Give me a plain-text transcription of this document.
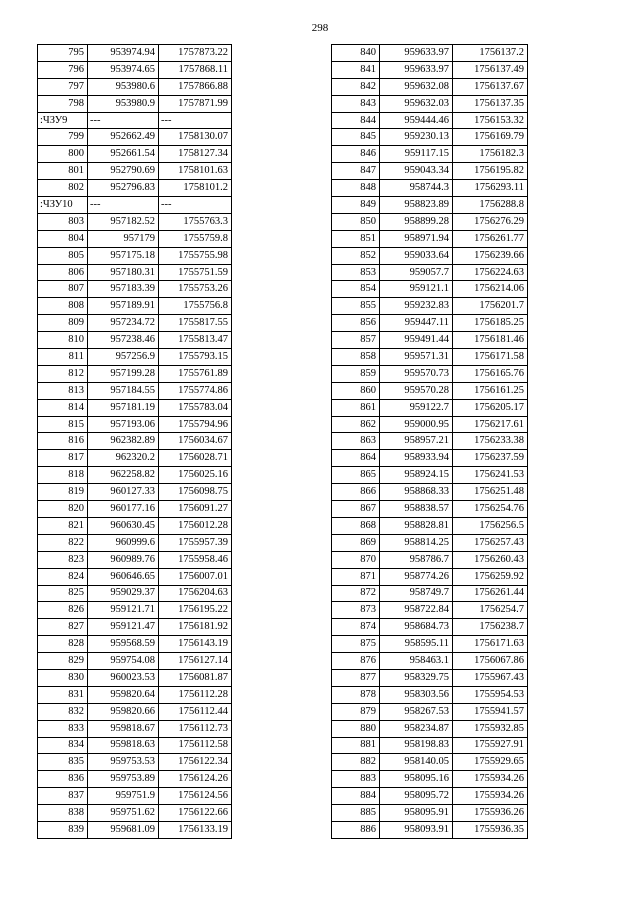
298
795	953974.94	1757873.22
796	953974.65	1757868.11
797	953980.6	1757866.88
798	953980.9	1757871.99
:ЧЗУ9	---	---
799	952662.49	1758130.07
800	952661.54	1758127.34
801	952790.69	1758101.63
802	952796.83	1758101.2
:ЧЗУ10	---	---
803	957182.52	1755763.3
804	957179	1755759.8
805	957175.18	1755755.98
806	957180.31	1755751.59
807	957183.39	1755753.26
808	957189.91	1755756.8
809	957234.72	1755817.55
810	957238.46	1755813.47
811	957256.9	1755793.15
812	957199.28	1755761.89
813	957184.55	1755774.86
814	957181.19	1755783.04
815	957193.06	1755794.96
816	962382.89	1756034.67
817	962320.2	1756028.71
818	962258.82	1756025.16
819	960127.33	1756098.75
820	960177.16	1756091.27
821	960630.45	1756012.28
822	960999.6	1755957.39
823	960989.76	1755958.46
824	960646.65	1756007.01
825	959029.37	1756204.63
826	959121.71	1756195.22
827	959121.47	1756181.92
828	959568.59	1756143.19
829	959754.08	1756127.14
830	960023.53	1756081.87
831	959820.64	1756112.28
832	959820.66	1756112.44
833	959818.67	1756112.73
834	959818.63	1756112.58
835	959753.53	1756122.34
836	959753.89	1756124.26
837	959751.9	1756124.56
838	959751.62	1756122.66
839	959681.09	1756133.19
840	959633.97	1756137.2
841	959633.97	1756137.49
842	959632.08	1756137.67
843	959632.03	1756137.35
844	959444.46	1756153.32
845	959230.13	1756169.79
846	959117.15	1756182.3
847	959043.34	1756195.82
848	958744.3	1756293.11
849	958823.89	1756288.8
850	958899.28	1756276.29
851	958971.94	1756261.77
852	959033.64	1756239.66
853	959057.7	1756224.63
854	959121.1	1756214.06
855	959232.83	1756201.7
856	959447.11	1756185.25
857	959491.44	1756181.46
858	959571.31	1756171.58
859	959570.73	1756165.76
860	959570.28	1756161.25
861	959122.7	1756205.17
862	959000.95	1756217.61
863	958957.21	1756233.38
864	958933.94	1756237.59
865	958924.15	1756241.53
866	958868.33	1756251.48
867	958838.57	1756254.76
868	958828.81	1756256.5
869	958814.25	1756257.43
870	958786.7	1756260.43
871	958774.26	1756259.92
872	958749.7	1756261.44
873	958722.84	1756254.7
874	958684.73	1756238.7
875	958595.11	1756171.63
876	958463.1	1756067.86
877	958329.75	1755967.43
878	958303.56	1755954.53
879	958267.53	1755941.57
880	958234.87	1755932.85
881	958198.83	1755927.91
882	958140.05	1755929.65
883	958095.16	1755934.26
884	958095.72	1755934.26
885	958095.91	1755936.26
886	958093.91	1755936.35
